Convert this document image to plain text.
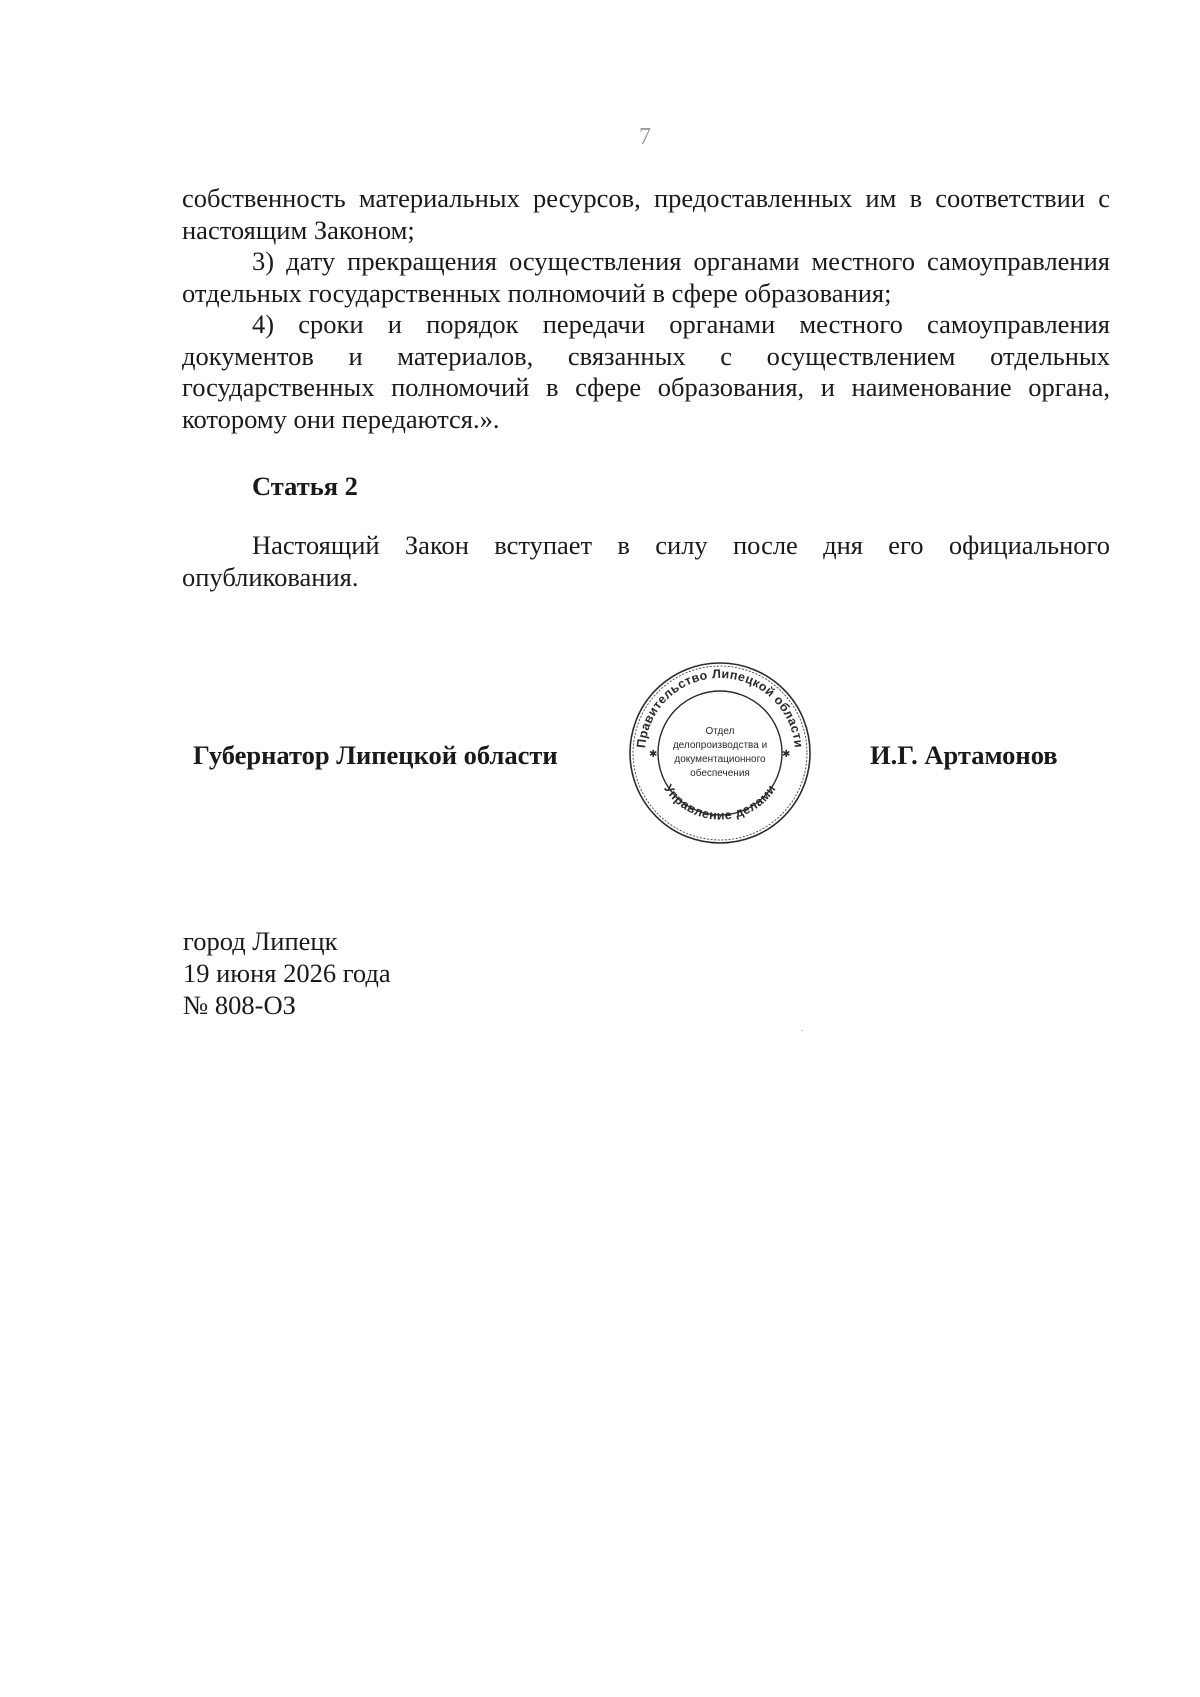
7

собственность материальных ресурсов, предоставленных им в соответствии с настоящим Законом;

3) дату прекращения осуществления органами местного самоуправления отдельных государственных полномочий в сфере образования;

4) сроки и порядок передачи органами местного самоуправления документов и материалов, связанных с осуществлением отдельных государственных полномочий в сфере образования, и наименование органа, которому они передаются.».

Статья 2

Настоящий Закон вступает в силу после дня его официального опубликования.

Губернатор Липецкой области	Правительство Липецкой области
Управление делами
✱	✱
Отдел
делопроизводства и
документационного
обеспечения
И.Г. Артамонов
город Липецк
19 июня 2026 года
№ 808-ОЗ
